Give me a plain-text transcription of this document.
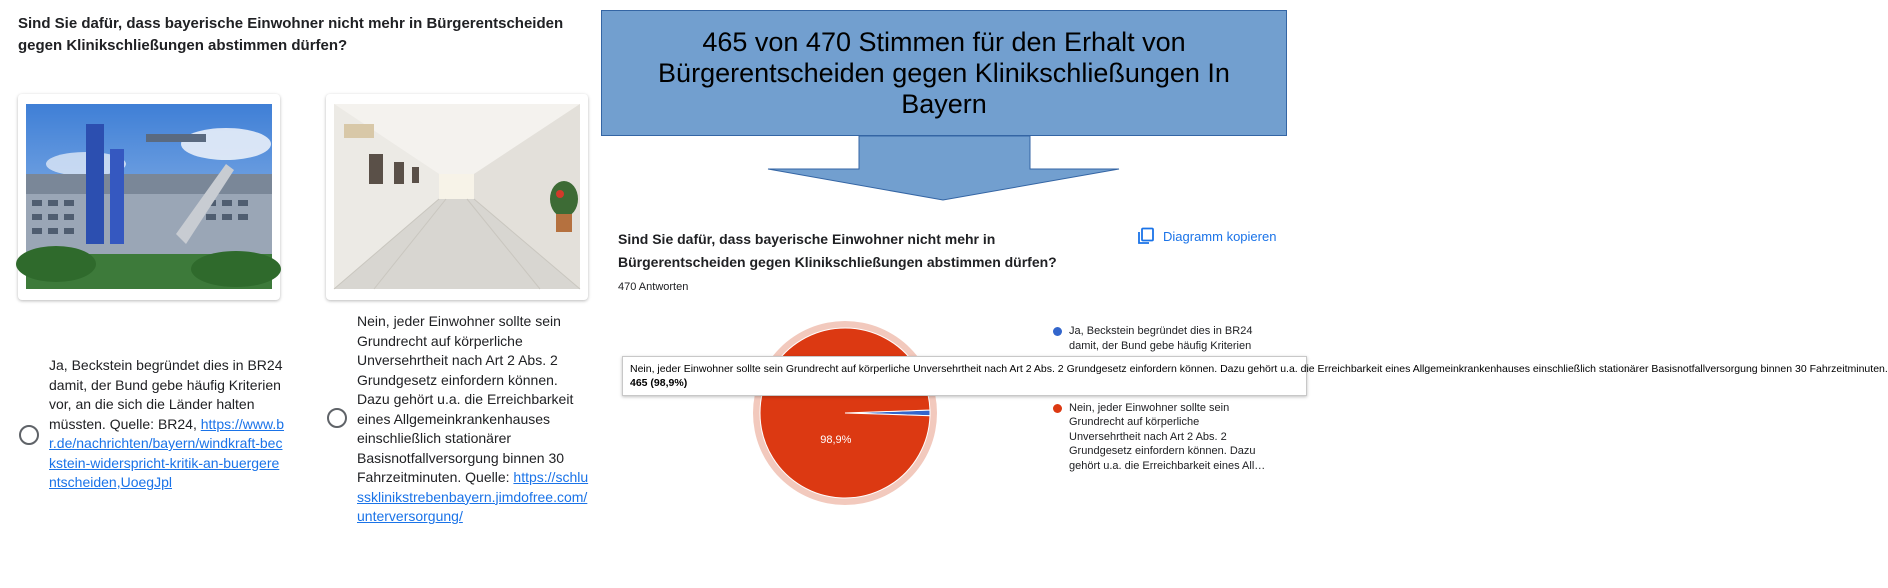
Sind Sie dafür, dass bayerische Einwohner nicht mehr in Bürgerentscheiden gegen Klinikschließungen abstimmen dürfen?
Ja, Beckstein begründet dies in BR24 damit, der Bund gebe häufig Kriterien vor, an die sich die Länder halten müssten. Quelle: BR24, https://www.br.de/nachrichten/bayern/windkraft-beckstein-widerspricht-kritik-an-buergerentscheiden,UoegJpl
Nein, jeder Einwohner sollte sein Grundrecht auf körperliche Unversehrtheit nach Art 2 Abs. 2 Grundgesetz einfordern können. Dazu gehört u.a. die Erreichbarkeit eines Allgemeinkrankenhauses einschließlich stationärer Basisnotfallversorgung binnen 30 Fahrzeitminuten. Quelle: https://schlussklinikstrebenbayern.jimdofree.com/unterversorgung/
465 von 470 Stimmen für den Erhalt von Bürgerentscheiden gegen Klinikschließungen In Bayern
Sind Sie dafür, dass bayerische Einwohner nicht mehr in Bürgerentscheiden gegen Klinikschließungen abstimmen dürfen?
470 Antworten
Diagramm kopieren
98,9%
Ja, Beckstein begründet dies in BR24
damit, der Bund gebe häufig Kriterien
Nein, jeder Einwohner sollte sein
Grundrecht auf körperliche
Unversehrtheit nach Art 2 Abs. 2
Grundgesetz einfordern können. Dazu
gehört u.a. die Erreichbarkeit eines All…
Nein, jeder Einwohner sollte sein Grundrecht auf körperliche Unversehrtheit nach Art 2 Abs. 2 Grundgesetz einfordern können. Dazu gehört u.a. die Erreichbarkeit eines Allgemeinkrankenhauses einschließlich stationärer Basisnotfallversorgung binnen 30 Fahrzeitminuten.
465 (98,9%)
